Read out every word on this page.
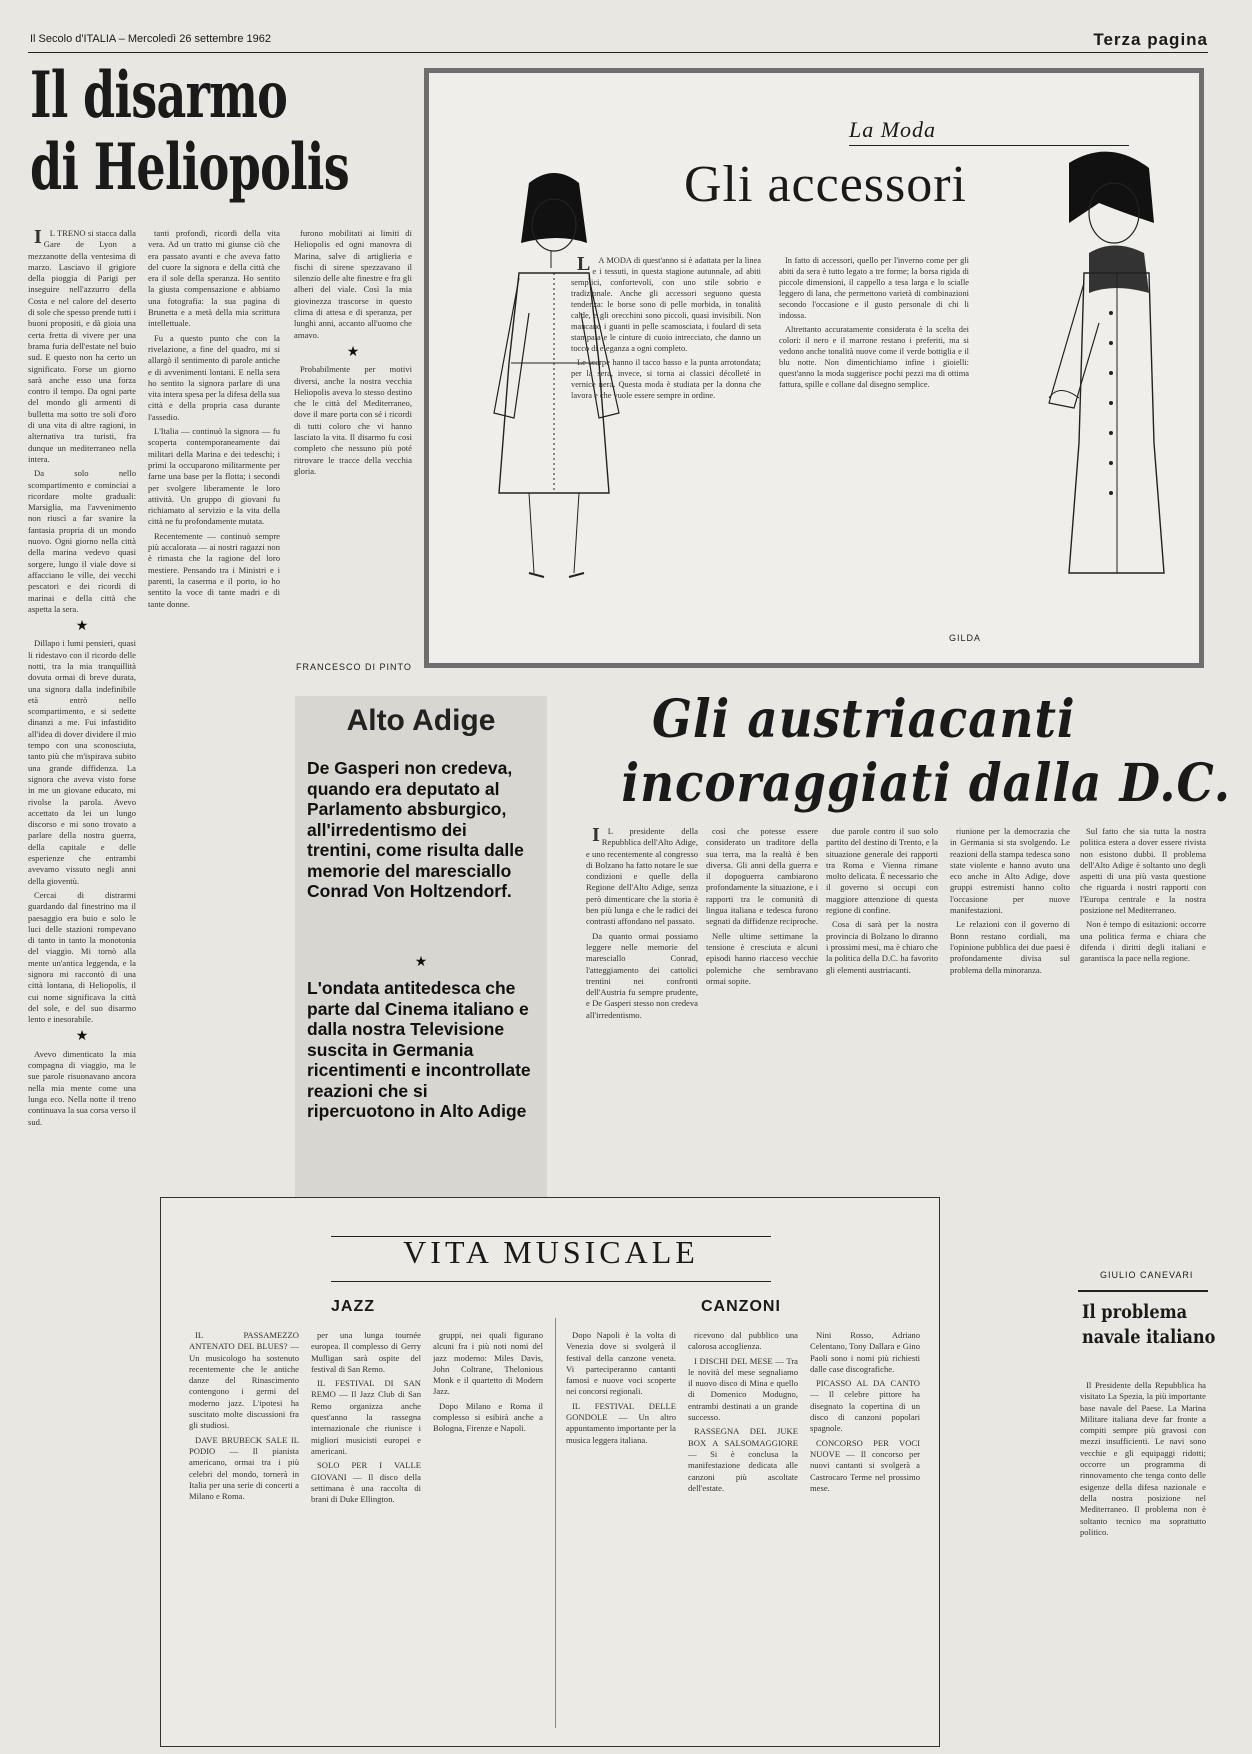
Il Secolo d'ITALIA – Mercoledì 26 settembre 1962	Terza pagina
Il disarmo
di Heliopolis

IL TRENO si stacca dalla Gare de Lyon a mezzanotte della ventesima di marzo. Lasciavo il grigiore della pioggia di Parigi per inseguire nell'azzurro della Costa e nel calore del deserto di sole che spesso prende tutti i buoni propositi, e dà gioia una certa fretta di vivere per una brama furia dell'estate nel buio sud. E questo non ha certo un significato. Forse un giorno sarà anche esso una forza contro il tempo. Da ogni parte del mondo gli armenti di bulletta ma sotto tre soli d'oro di una vita di altre ragioni, in alternativa tra turisti, fra dunque un mediterraneo nella intera.

Da solo nello scompartimento e cominciai a ricordare molte graduali: Marsiglia, ma l'avvenimento non riuscì a far svanire la fantasia propria di un mondo nuovo. Ogni giorno nella città della marina vedevo quasi sorgere, lungo il viale dove si affacciano le ville, dei vecchi pescatori e dei ricordi di marinai e della città che aspetta la sera.

★

Dillapo i lumi pensieri, quasi li ridestavo con il ricordo delle notti, tra la mia tranquillità dovuta ormai di breve durata, una signora dalla indefinibile età entrò nello scompartimento, e si sedette dinanzi a me. Fui infastidito all'idea di dover dividere il mio tempo con una sconosciuta, tanto più che m'ispirava subito una grande diffidenza. La signora che aveva visto forse in me un giovane educato, mi rivolse la parola. Avevo accettato da lei un lungo discorso e mi sono trovato a parlare della nostra guerra, della capitale e delle esperienze che entrambi avevamo vissuto negli anni della gioventù.

Cercai di distrarmi guardando dal finestrino ma il paesaggio era buio e solo le luci delle stazioni rompevano di tanto in tanto la monotonia del viaggio. Mi tornò alla mente un'antica leggenda, e la signora mi raccontò di una città lontana, di Heliopolis, il cui nome significava la città del sole, e del suo disarmo lento e inesorabile.

★

Avevo dimenticato la mia compagna di viaggio, ma le sue parole risuonavano ancora nella mia mente come una lunga eco. Nella notte il treno continuava la sua corsa verso il sud.

tanti profondi, ricordi della vita vera. Ad un tratto mi giunse ciò che era passato avanti e che aveva fatto del cuore la signora e della città che era il sole della speranza. Ho sentito la giusta compensazione e abbiamo una fotografia: la sua pagina di Brunetta e a metà della mia scrittura intellettuale.

Fu a questo punto che con la rivelazione, a fine del quadro, mi si allargò il sentimento di parole antiche e di avvenimenti lontani. E nella sera ho sentito la signora parlare di una vita intera spesa per la difesa della sua città e della propria casa durante l'assedio.

L'Italia — continuò la signora — fu scoperta contemporaneamente dai militari della Marina e dei tedeschi; i primi la occuparono militarmente per farne una base per la flotta; i secondi per svolgere liberamente le loro attività. Un gruppo di giovani fu richiamato al servizio e la vita della città ne fu profondamente mutata.

Recentemente — continuò sempre più accalorata — ai nostri ragazzi non è rimasta che la ragione del loro mestiere. Pensando tra i Ministri e i parenti, la caserma e il porto, io ho sentito la voce di tante madri e di tante donne.

furono mobilitati ai limiti di Heliopolis ed ogni manovra di Marina, salve di artiglieria e fischi di sirene spezzavano il silenzio delle alte finestre e fra gli alberi del viale. Così la mia giovinezza trascorse in questo clima di attesa e di speranza, per lunghi anni, accanto all'uomo che amavo.

★

Probabilmente per motivi diversi, anche la nostra vecchia Heliopolis aveva lo stesso destino che le città del Mediterraneo, dove il mare porta con sé i ricordi di tutti coloro che vi hanno lasciato la vita. Il disarmo fu così completo che nessuno più poté ritrovare le tracce della vecchia gloria.

FRANCESCO DI PINTO
La Moda
Gli accessori

LA MODA di quest'anno si è adattata per la linea e i tessuti, in questa stagione autunnale, ad abiti semplici, confortevoli, con uno stile sobrio e tradizionale. Anche gli accessori seguono questa tendenza: le borse sono di pelle morbida, in tonalità calde, e gli orecchini sono piccoli, quasi invisibili. Non mancano i guanti in pelle scamosciata, i foulard di seta stampata e le cinture di cuoio intrecciato, che danno un tocco di eleganza a ogni completo.

Le scarpe hanno il tacco basso e la punta arrotondata; per la sera, invece, si torna ai classici décolleté in vernice nera. Questa moda è studiata per la donna che lavora e che vuole essere sempre in ordine.

In fatto di accessori, quello per l'inverno come per gli abiti da sera è tutto legato a tre forme; la borsa rigida di piccole dimensioni, il cappello a tesa larga e lo scialle leggero di lana, che permettono varietà di combinazioni secondo l'occasione e il gusto personale di chi li indossa.

Altrettanto accuratamente considerata è la scelta dei colori: il nero e il marrone restano i preferiti, ma si vedono anche tonalità nuove come il verde bottiglia e il blu notte. Non dimentichiamo infine i gioielli: quest'anno la moda suggerisce pochi pezzi ma di ottima fattura, spille e collane dal disegno semplice.

GILDA
Alto Adige
De Gasperi non credeva, quando era deputato al Parlamento absburgico, all'irredentismo dei trentini, come risulta dalle memorie del maresciallo Conrad Von Holtzendorf.
★
L'ondata antitedesca che parte dal Cinema italiano e dalla nostra Televisione suscita in Germania ricentimenti e incontrollate reazioni che si ripercuotono in Alto Adige
Gli austriacanti
incoraggiati dalla D.C.

IL presidente della Repubblica dell'Alto Adige, e uno recentemente al congresso di Bolzano ha fatto notare le sue condizioni e quelle della Regione dell'Alto Adige, senza però dimenticare che la storia è ben più lunga e che le radici dei contrasti affondano nel passato.

Da quanto ormai possiamo leggere nelle memorie del maresciallo Conrad, l'atteggiamento dei cattolici trentini nei confronti dell'Austria fu sempre prudente, e De Gasperi stesso non credeva all'irredentismo.

così che potesse essere considerato un traditore della sua terra, ma la realtà è ben diversa. Gli anni della guerra e il dopoguerra cambiarono profondamente la situazione, e i rapporti tra le comunità di lingua italiana e tedesca furono segnati da diffidenze reciproche.

Nelle ultime settimane la tensione è cresciuta e alcuni episodi hanno riacceso vecchie polemiche che sembravano ormai sopite.

due parole contro il suo solo partito del destino di Trento, e la situazione generale dei rapporti tra Roma e Vienna rimane molto delicata. È necessario che il governo si occupi con maggiore attenzione di questa regione di confine.

Cosa di sarà per la nostra provincia di Bolzano lo diranno i prossimi mesi, ma è chiaro che la politica della D.C. ha favorito gli elementi austriacanti.

riunione per la democrazia che in Germania si sta svolgendo. Le reazioni della stampa tedesca sono state violente e hanno avuto una eco anche in Alto Adige, dove gruppi estremisti hanno colto l'occasione per nuove manifestazioni.

Le relazioni con il governo di Bonn restano cordiali, ma l'opinione pubblica dei due paesi è profondamente divisa sul problema della minoranza.

Sul fatto che sia tutta la nostra politica estera a dover essere rivista non esistono dubbi. Il problema dell'Alto Adige è soltanto uno degli aspetti di una più vasta questione che riguarda i nostri rapporti con l'Europa centrale e la nostra posizione nel Mediterraneo.

Non è tempo di esitazioni: occorre una politica ferma e chiara che difenda i diritti degli italiani e garantisca la pace nella regione.

GIULIO CANEVARI
Il problema
navale italiano

Il Presidente della Repubblica ha visitato La Spezia, la più importante base navale del Paese. La Marina Militare italiana deve far fronte a compiti sempre più gravosi con mezzi insufficienti. Le navi sono vecchie e gli equipaggi ridotti; occorre un programma di rinnovamento che tenga conto delle esigenze della difesa nazionale e della nostra posizione nel Mediterraneo. Il problema non è soltanto tecnico ma soprattutto politico.

VITA MUSICALE
JAZZ	CANZONI

IL PASSAMEZZO ANTENATO DEL BLUES? — Un musicologo ha sostenuto recentemente che le antiche danze del Rinascimento contengono i germi del moderno jazz. L'ipotesi ha suscitato molte discussioni fra gli studiosi.

DAVE BRUBECK SALE IL PODIO — Il pianista americano, ormai tra i più celebri del mondo, tornerà in Italia per una serie di concerti a Milano e Roma.

per una lunga tournée europea. Il complesso di Gerry Mulligan sarà ospite del festival di San Remo.

IL FESTIVAL DI SAN REMO — Il Jazz Club di San Remo organizza anche quest'anno la rassegna internazionale che riunisce i migliori musicisti europei e americani.

SOLO PER I VALLE GIOVANI — Il disco della settimana è una raccolta di brani di Duke Ellington.

gruppi, nei quali figurano alcuni fra i più noti nomi del jazz moderno: Miles Davis, John Coltrane, Thelonious Monk e il quartetto di Modern Jazz.

Dopo Milano e Roma il complesso si esibirà anche a Bologna, Firenze e Napoli.

Dopo Napoli è la volta di Venezia dove si svolgerà il festival della canzone veneta. Vi parteciperanno cantanti famosi e nuove voci scoperte nei concorsi regionali.

IL FESTIVAL DELLE GONDOLE — Un altro appuntamento importante per la musica leggera italiana.

ricevono dal pubblico una calorosa accoglienza.

I DISCHI DEL MESE — Tra le novità del mese segnaliamo il nuovo disco di Mina e quello di Domenico Modugno, entrambi destinati a un grande successo.

RASSEGNA DEL JUKE BOX A SALSOMAGGIORE — Si è conclusa la manifestazione dedicata alle canzoni più ascoltate dell'estate.

Nini Rosso, Adriano Celentano, Tony Dallara e Gino Paoli sono i nomi più richiesti dalle case discografiche.

PICASSO AL DA CANTO — Il celebre pittore ha disegnato la copertina di un disco di canzoni popolari spagnole.

CONCORSO PER VOCI NUOVE — Il concorso per nuovi cantanti si svolgerà a Castrocaro Terme nel prossimo mese.
